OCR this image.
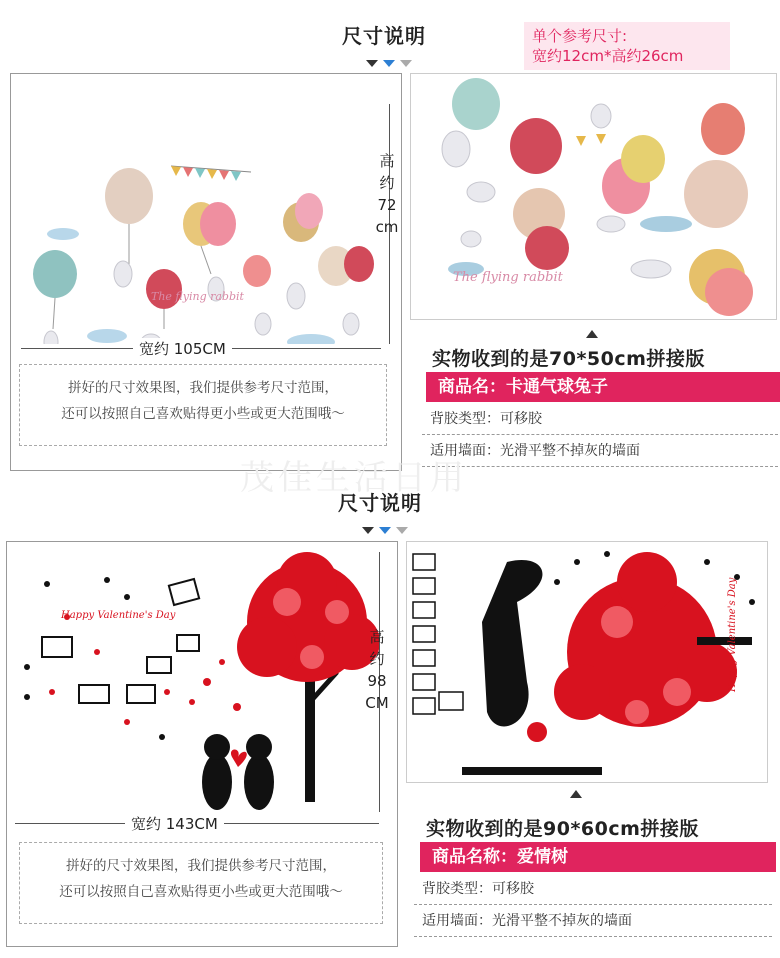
尺寸说明
	单个参考尺寸:
宽约12cm*高约26cm
The flying rabbit
高
约
72
cm
宽约 105CM
拼好的尺寸效果图，我们提供参考尺寸范围，
还可以按照自己喜欢贴得更小些或更大范围哦～
The flying rabbit
实物收到的是70*50cm拼接版
商品名：卡通气球兔子
背胶类型：可移胶
适用墙面：光滑平整不掉灰的墙面
茂佳生活日用
尺寸说明

Happy Valentine's Day
高
约
98
CM
宽约 143CM
拼好的尺寸效果图，我们提供参考尺寸范围，
还可以按照自己喜欢贴得更小些或更大范围哦～
Happy Valentine's Day
实物收到的是90*60cm拼接版
商品名称：爱情树
背胶类型：可移胶
适用墙面：光滑平整不掉灰的墙面
